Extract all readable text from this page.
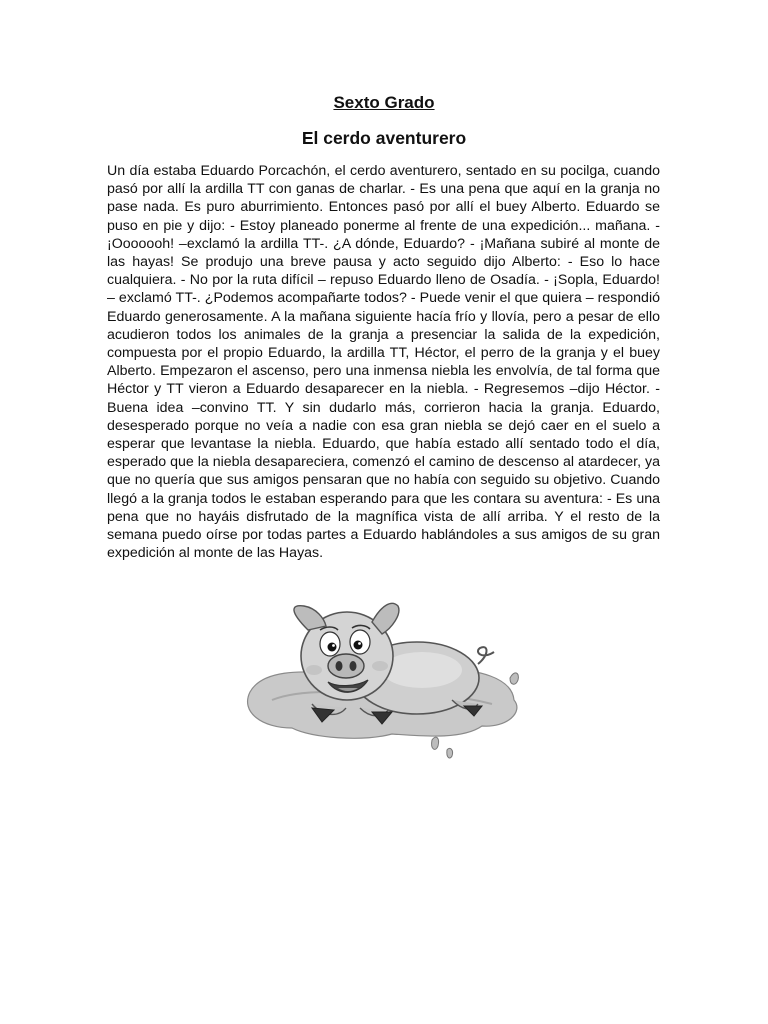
Sexto Grado
El cerdo aventurero

Un día estaba Eduardo Porcachón, el cerdo aventurero, sentado en su pocilga, cuando pasó por allí la ardilla TT con ganas de charlar. - Es una pena que aquí en la granja no pase nada. Es puro aburrimiento. Entonces pasó por allí el buey Alberto. Eduardo se puso en pie y dijo: - Estoy planeado ponerme al frente de una expedición... mañana. - ¡Ooooooh! –exclamó la ardilla TT-. ¿A dónde, Eduardo? - ¡Mañana subiré al monte de las hayas! Se produjo una breve pausa y acto seguido dijo Alberto: - Eso lo hace cualquiera. - No por la ruta difícil – repuso Eduardo lleno de Osadía. - ¡Sopla, Eduardo! – exclamó TT-. ¿Podemos acompañarte todos? - Puede venir el que quiera – respondió Eduardo generosamente. A la mañana siguiente hacía frío y llovía, pero a pesar de ello acudieron todos los animales de la granja a presenciar la salida de la expedición, compuesta por el propio Eduardo, la ardilla TT, Héctor, el perro de la granja y el buey Alberto. Empezaron el ascenso, pero una inmensa niebla les envolvía, de tal forma que Héctor y TT vieron a Eduardo desaparecer en la niebla. - Regresemos –dijo Héctor. - Buena idea –convino TT. Y sin dudarlo más, corrieron hacia la granja. Eduardo, desesperado porque no veía a nadie con esa gran niebla se dejó caer en el suelo a esperar que levantase la niebla. Eduardo, que había estado allí sentado todo el día, esperado que la niebla desapareciera, comenzó el camino de descenso al atardecer, ya que no quería que sus amigos pensaran que no había con seguido su objetivo. Cuando llegó a la granja todos le estaban esperando para que les contara su aventura: - Es una pena que no hayáis disfrutado de la magnífica vista de allí arriba. Y el resto de la semana puedo oírse por todas partes a Eduardo hablándoles a sus amigos de su gran expedición al monte de las Hayas.
